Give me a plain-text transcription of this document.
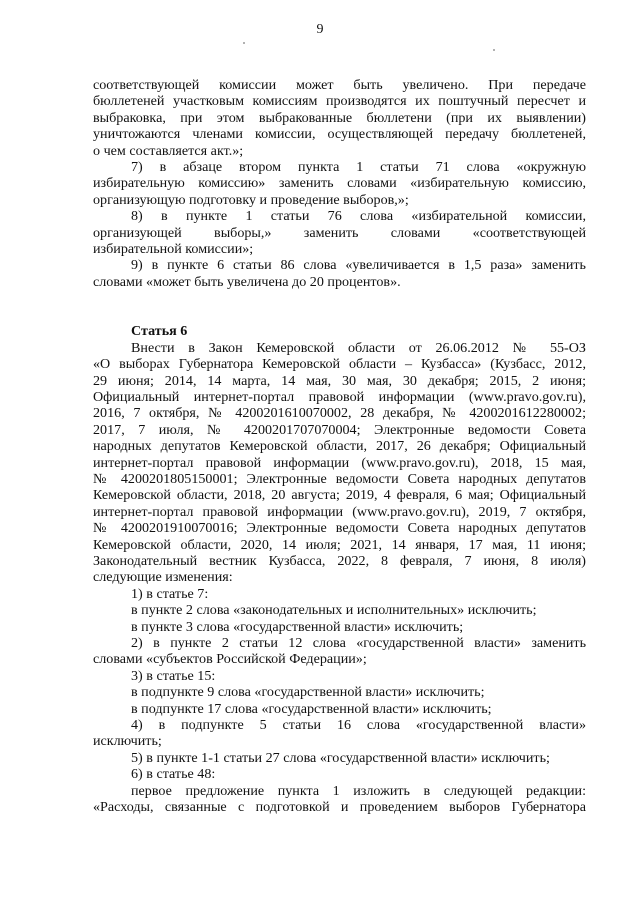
9
соответствующей комиссии может быть увеличено. При передаче
бюллетеней участковым комиссиям производятся их поштучный пересчет и
выбраковка, при этом выбракованные бюллетени (при их выявлении)
уничтожаются членами комиссии, осуществляющей передачу бюллетеней,
о чем составляется акт.»;
7) в абзаце втором пункта 1 статьи 71 слова «окружную
избирательную комиссию» заменить словами «избирательную комиссию,
организующую подготовку и проведение выборов,»;
8) в пункте 1 статьи 76 слова «избирательной комиссии,
организующей выборы,» заменить словами «соответствующей
избирательной комиссии»;
9) в пункте 6 статьи 86 слова «увеличивается в 1,5 раза» заменить
словами «может быть увеличена до 20 процентов».
Статья 6
Внести в Закон Кемеровской области от 26.06.2012 № 55-ОЗ
«О выборах Губернатора Кемеровской области – Кузбасса» (Кузбасс, 2012,
29 июня; 2014, 14 марта, 14 мая, 30 мая, 30 декабря; 2015, 2 июня;
Официальный интернет-портал правовой информации (www.pravo.gov.ru),
2016, 7 октября, № 4200201610070002, 28 декабря, № 4200201612280002;
2017, 7 июля, № 4200201707070004; Электронные ведомости Совета
народных депутатов Кемеровской области, 2017, 26 декабря; Официальный
интернет-портал правовой информации (www.pravo.gov.ru), 2018, 15 мая,
№ 4200201805150001; Электронные ведомости Совета народных депутатов
Кемеровской области, 2018, 20 августа; 2019, 4 февраля, 6 мая; Официальный
интернет-портал правовой информации (www.pravo.gov.ru), 2019, 7 октября,
№ 4200201910070016; Электронные ведомости Совета народных депутатов
Кемеровской области, 2020, 14 июля; 2021, 14 января, 17 мая, 11 июня;
Законодательный вестник Кузбасса, 2022, 8 февраля, 7 июня, 8 июля)
следующие изменения:
1) в статье 7:
в пункте 2 слова «законодательных и исполнительных» исключить;
в пункте 3 слова «государственной власти» исключить;
2) в пункте 2 статьи 12 слова «государственной власти» заменить
словами «субъектов Российской Федерации»;
3) в статье 15:
в подпункте 9 слова «государственной власти» исключить;
в подпункте 17 слова «государственной власти» исключить;
4) в подпункте 5 статьи 16 слова «государственной власти»
исключить;
5) в пункте 1-1 статьи 27 слова «государственной власти» исключить;
6) в статье 48:
первое предложение пункта 1 изложить в следующей редакции:
«Расходы, связанные с подготовкой и проведением выборов Губернатора
